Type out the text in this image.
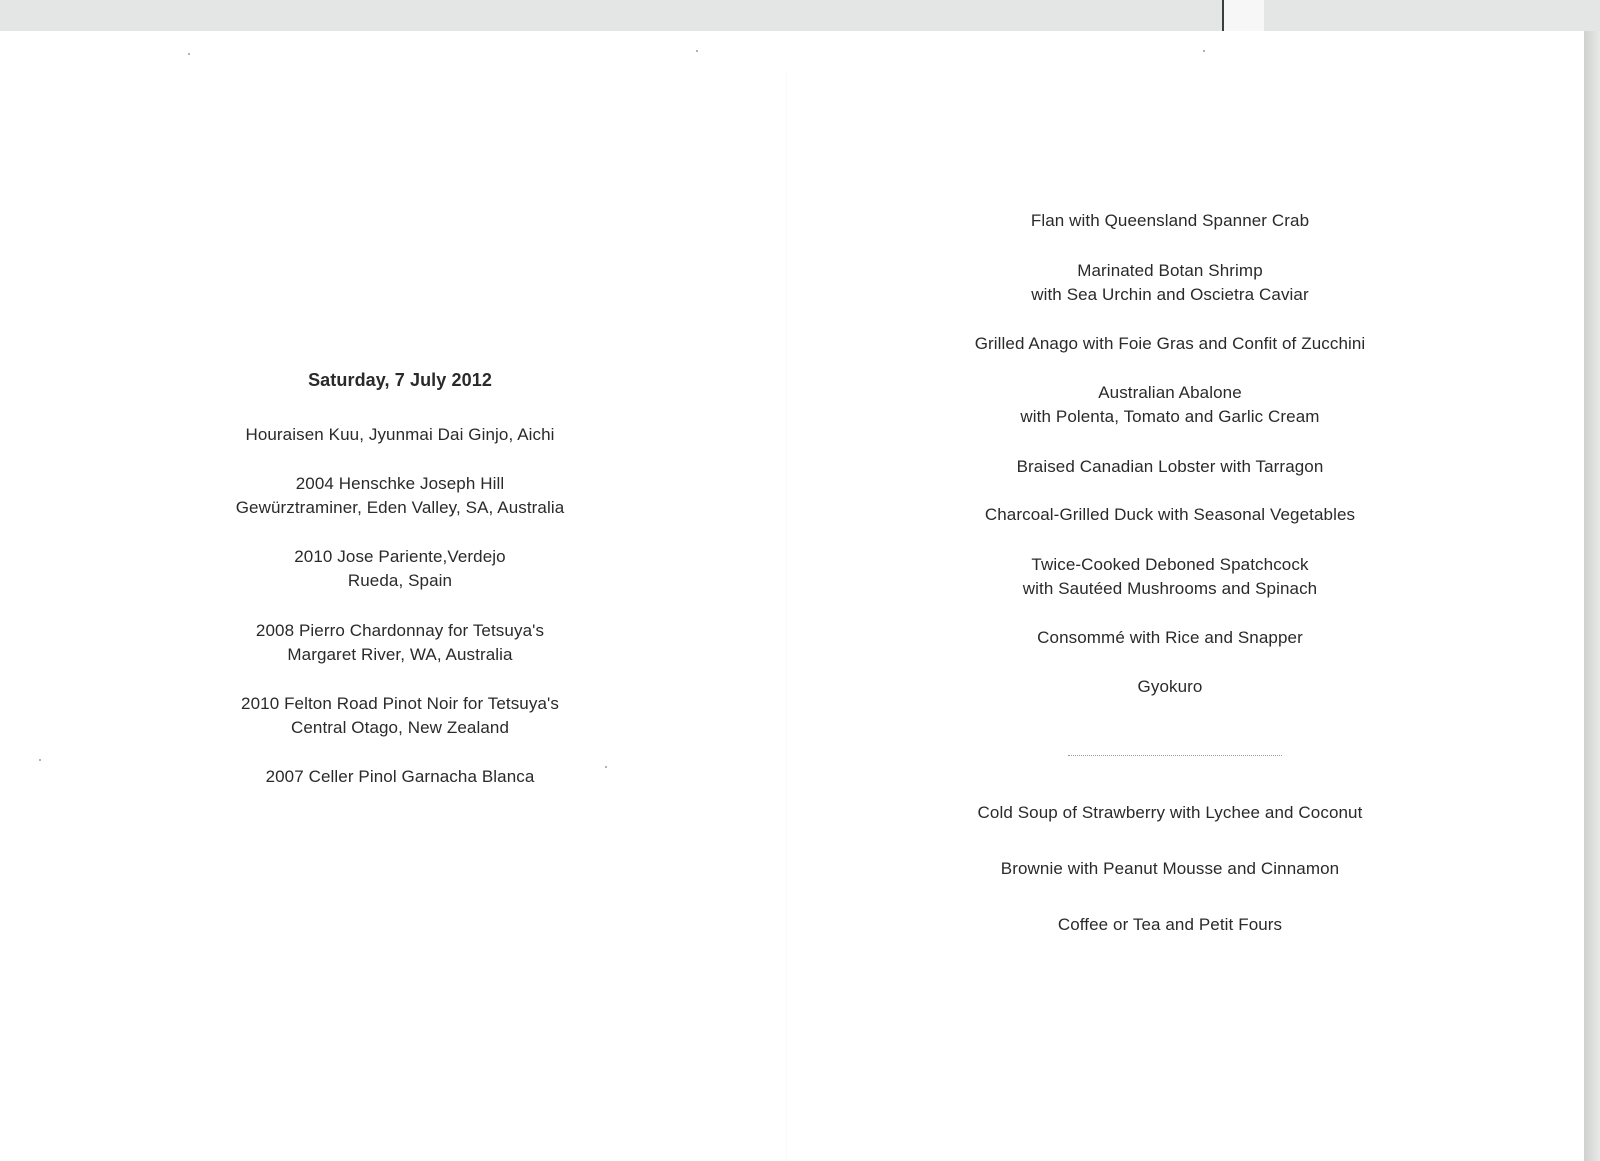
Saturday, 7 July 2012
Houraisen Kuu, Jyunmai Dai Ginjo, Aichi
2004 Henschke Joseph Hill
Gewürztraminer, Eden Valley, SA, Australia
2010 Jose Pariente,Verdejo
Rueda, Spain
2008 Pierro Chardonnay for Tetsuya's
Margaret River, WA, Australia
2010 Felton Road Pinot Noir for Tetsuya's
Central Otago, New Zealand
2007 Celler Pinol Garnacha Blanca
Flan with Queensland Spanner Crab
Marinated Botan Shrimp
with Sea Urchin and Oscietra Caviar
Grilled Anago with Foie Gras and Confit of Zucchini
Australian Abalone
with Polenta, Tomato and Garlic Cream
Braised Canadian Lobster with Tarragon
Charcoal-Grilled Duck with Seasonal Vegetables
Twice-Cooked Deboned Spatchcock
with Sautéed Mushrooms and Spinach
Consommé with Rice and Snapper
Gyokuro
Cold Soup of Strawberry with Lychee and Coconut
Brownie with Peanut Mousse and Cinnamon
Coffee or Tea and Petit Fours
